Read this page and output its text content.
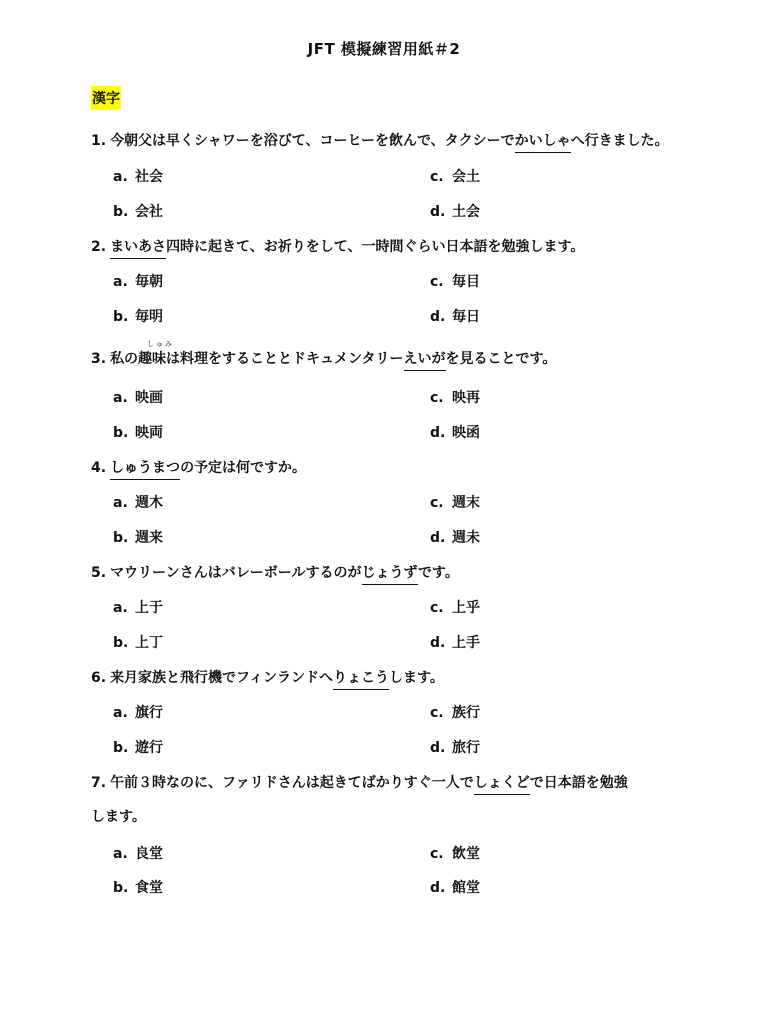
JFT 模擬練習用紙＃2
漢字
1. 今朝父は早くシャワーを浴びて、コーヒーを飲んで、タクシーでかいしゃへ行きました。
a. 社会
b. 会社
c. 会土
d. 土会
2. まいあさ四時に起きて、お祈りをして、一時間ぐらい日本語を勉強します。
a. 毎朝
b. 毎明
c. 毎目
d. 毎日
3. 私の趣味は料理をすることとドキュメンタリーえいがを見ることです。
しゅみ
a. 映画
b. 映両
c. 映再
d. 映函
4. しゅうまつの予定は何ですか。
a. 週木
b. 週来
c. 週末
d. 週未
5. マウリーンさんはバレーボールするのがじょうずです。
a. 上于
b. 上丁
c. 上乎
d. 上手
6. 来月家族と飛行機でフィンランドへりょこうします。
a. 旗行
b. 遊行
c. 族行
d. 旅行
7. 午前３時なのに、ファリドさんは起きてばかりすぐ一人でしょくどで日本語を勉強
します。
a. 良堂
b. 食堂
c. 飲堂
d. 館堂
